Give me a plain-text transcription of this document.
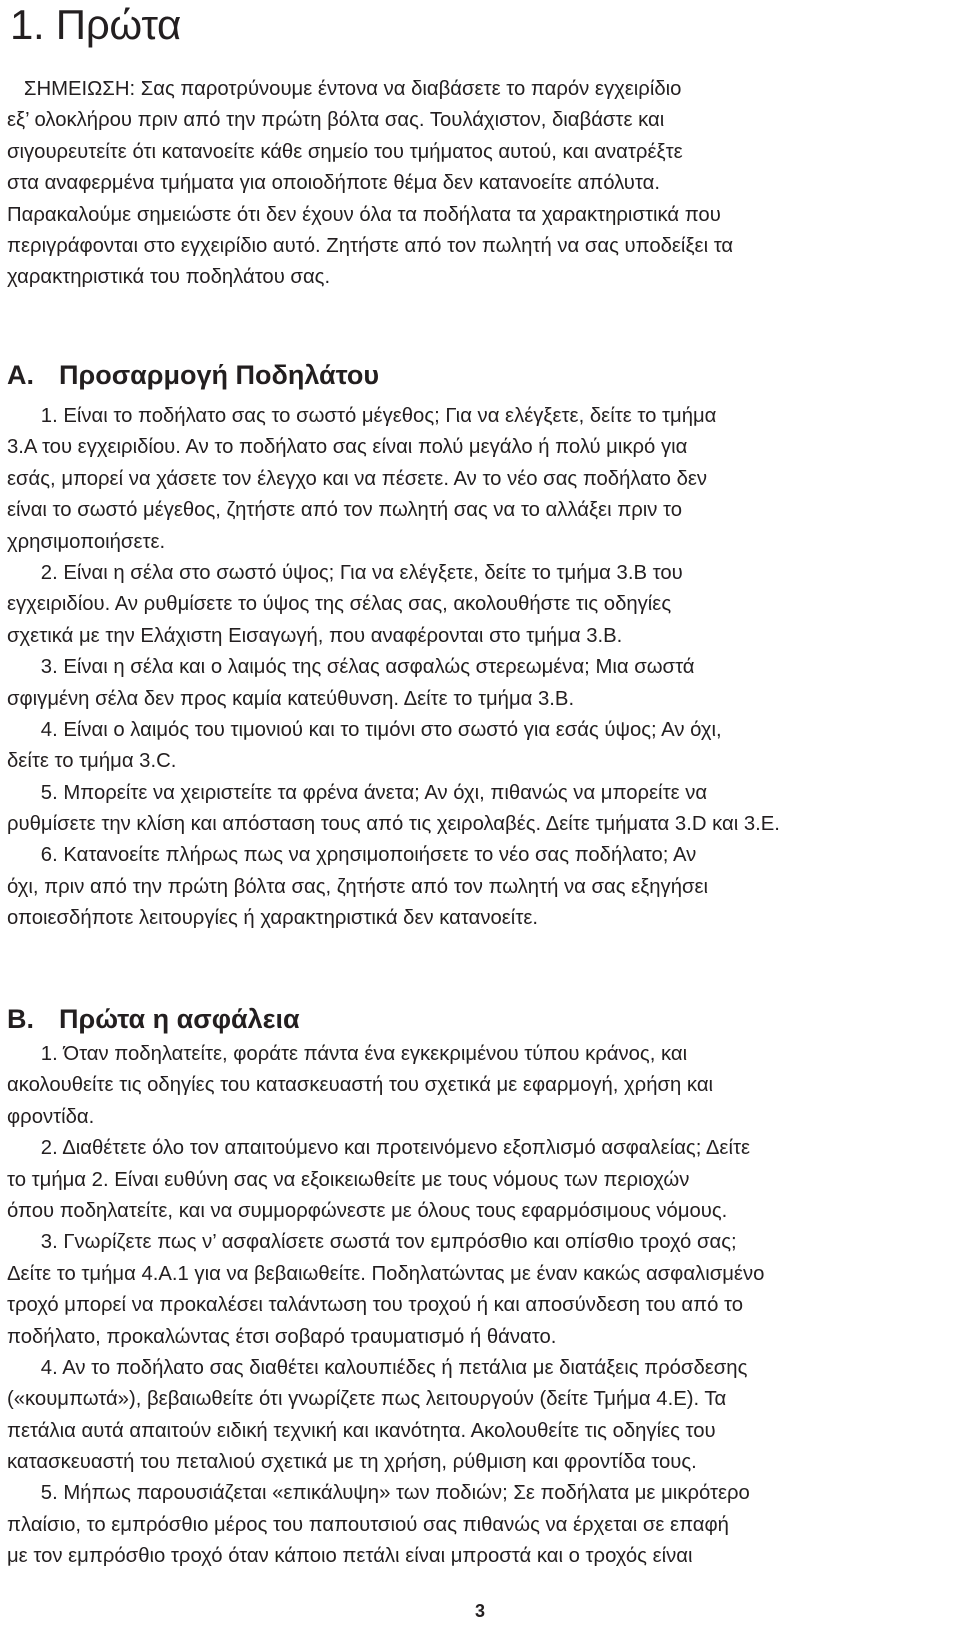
1. Πρώτα
ΣΗΜΕΙΩΣΗ: Σας παροτρύνουμε έντονα να διαβάσετε το παρόν εγχειρίδιο
εξ’ ολοκλήρου πριν από την πρώτη βόλτα σας. Τουλάχιστον, διαβάστε και
σιγουρευτείτε ότι κατανοείτε κάθε σημείο του τμήματος αυτού, και ανατρέξτε
στα αναφερμένα τμήματα για οποιοδήποτε θέμα δεν κατανοείτε απόλυτα.
Παρακαλούμε σημειώστε ότι δεν έχουν όλα τα ποδήλατα τα χαρακτηριστικά που
περιγράφονται στο εγχειρίδιο αυτό. Ζητήστε από τον πωλητή να σας υποδείξει τα
χαρακτηριστικά του ποδηλάτου σας.
A. Προσαρμογή Ποδηλάτου
1. Είναι το ποδήλατο σας το σωστό μέγεθος; Για να ελέγξετε, δείτε το τμήμα
3.A του εγχειριδίου. Αν το ποδήλατο σας είναι πολύ μεγάλο ή πολύ μικρό για
εσάς, μπορεί να χάσετε τον έλεγχο και να πέσετε. Αν το νέο σας ποδήλατο δεν
είναι το σωστό μέγεθος, ζητήστε από τον πωλητή σας να το αλλάξει πριν το
χρησιμοποιήσετε.
2. Είναι η σέλα στο σωστό ύψος; Για να ελέγξετε, δείτε το τμήμα 3.B του
εγχειριδίου. Αν ρυθμίσετε το ύψος της σέλας σας, ακολουθήστε τις οδηγίες
σχετικά με την Ελάχιστη Εισαγωγή, που αναφέρονται στο τμήμα 3.B.
3. Είναι η σέλα και ο λαιμός της σέλας ασφαλώς στερεωμένα; Μια σωστά
σφιγμένη σέλα δεν προς καμία κατεύθυνση. Δείτε το τμήμα 3.B.
4. Είναι ο λαιμός του τιμονιού και το τιμόνι στο σωστό για εσάς ύψος; Αν όχι,
δείτε το τμήμα 3.C.
5. Μπορείτε να χειριστείτε τα φρένα άνετα; Αν όχι, πιθανώς να μπορείτε να
ρυθμίσετε την κλίση και απόσταση τους από τις χειρολαβές. Δείτε τμήματα 3.D και 3.E.
6. Κατανοείτε πλήρως πως να χρησιμοποιήσετε το νέο σας ποδήλατο; Αν
όχι, πριν από την πρώτη βόλτα σας, ζητήστε από τον πωλητή να σας εξηγήσει
οποιεσδήποτε λειτουργίες ή χαρακτηριστικά δεν κατανοείτε.
B. Πρώτα η ασφάλεια
1. Όταν ποδηλατείτε, φοράτε πάντα ένα εγκεκριμένου τύπου κράνος, και
ακολουθείτε τις οδηγίες του κατασκευαστή του σχετικά με εφαρμογή, χρήση και
φροντίδα.
2. Διαθέτετε όλο τον απαιτούμενο και προτεινόμενο εξοπλισμό ασφαλείας; Δείτε
το τμήμα 2. Είναι ευθύνη σας να εξοικειωθείτε με τους νόμους των περιοχών
όπου ποδηλατείτε, και να συμμορφώνεστε με όλους τους εφαρμόσιμους νόμους.
3. Γνωρίζετε πως ν’ ασφαλίσετε σωστά τον εμπρόσθιο και οπίσθιο τροχό σας;
Δείτε το τμήμα 4.A.1 για να βεβαιωθείτε. Ποδηλατώντας με έναν κακώς ασφαλισμένο
τροχό μπορεί να προκαλέσει ταλάντωση του τροχού ή και αποσύνδεση του από το
ποδήλατο, προκαλώντας έτσι σοβαρό τραυματισμό ή θάνατο.
4. Αν το ποδήλατο σας διαθέτει καλουπιέδες ή πετάλια με διατάξεις πρόσδεσης
(«κουμπωτά»), βεβαιωθείτε ότι γνωρίζετε πως λειτουργούν (δείτε Τμήμα 4.E). Τα
πετάλια αυτά απαιτούν ειδική τεχνική και ικανότητα. Ακολουθείτε τις οδηγίες του
κατασκευαστή του πεταλιού σχετικά με τη χρήση, ρύθμιση και φροντίδα τους.
5. Μήπως παρουσιάζεται «επικάλυψη» των ποδιών; Σε ποδήλατα με μικρότερο
πλαίσιο, το εμπρόσθιο μέρος του παπουτσιού σας πιθανώς να έρχεται σε επαφή
με τον εμπρόσθιο τροχό όταν κάποιο πετάλι είναι μπροστά και ο τροχός είναι
3
